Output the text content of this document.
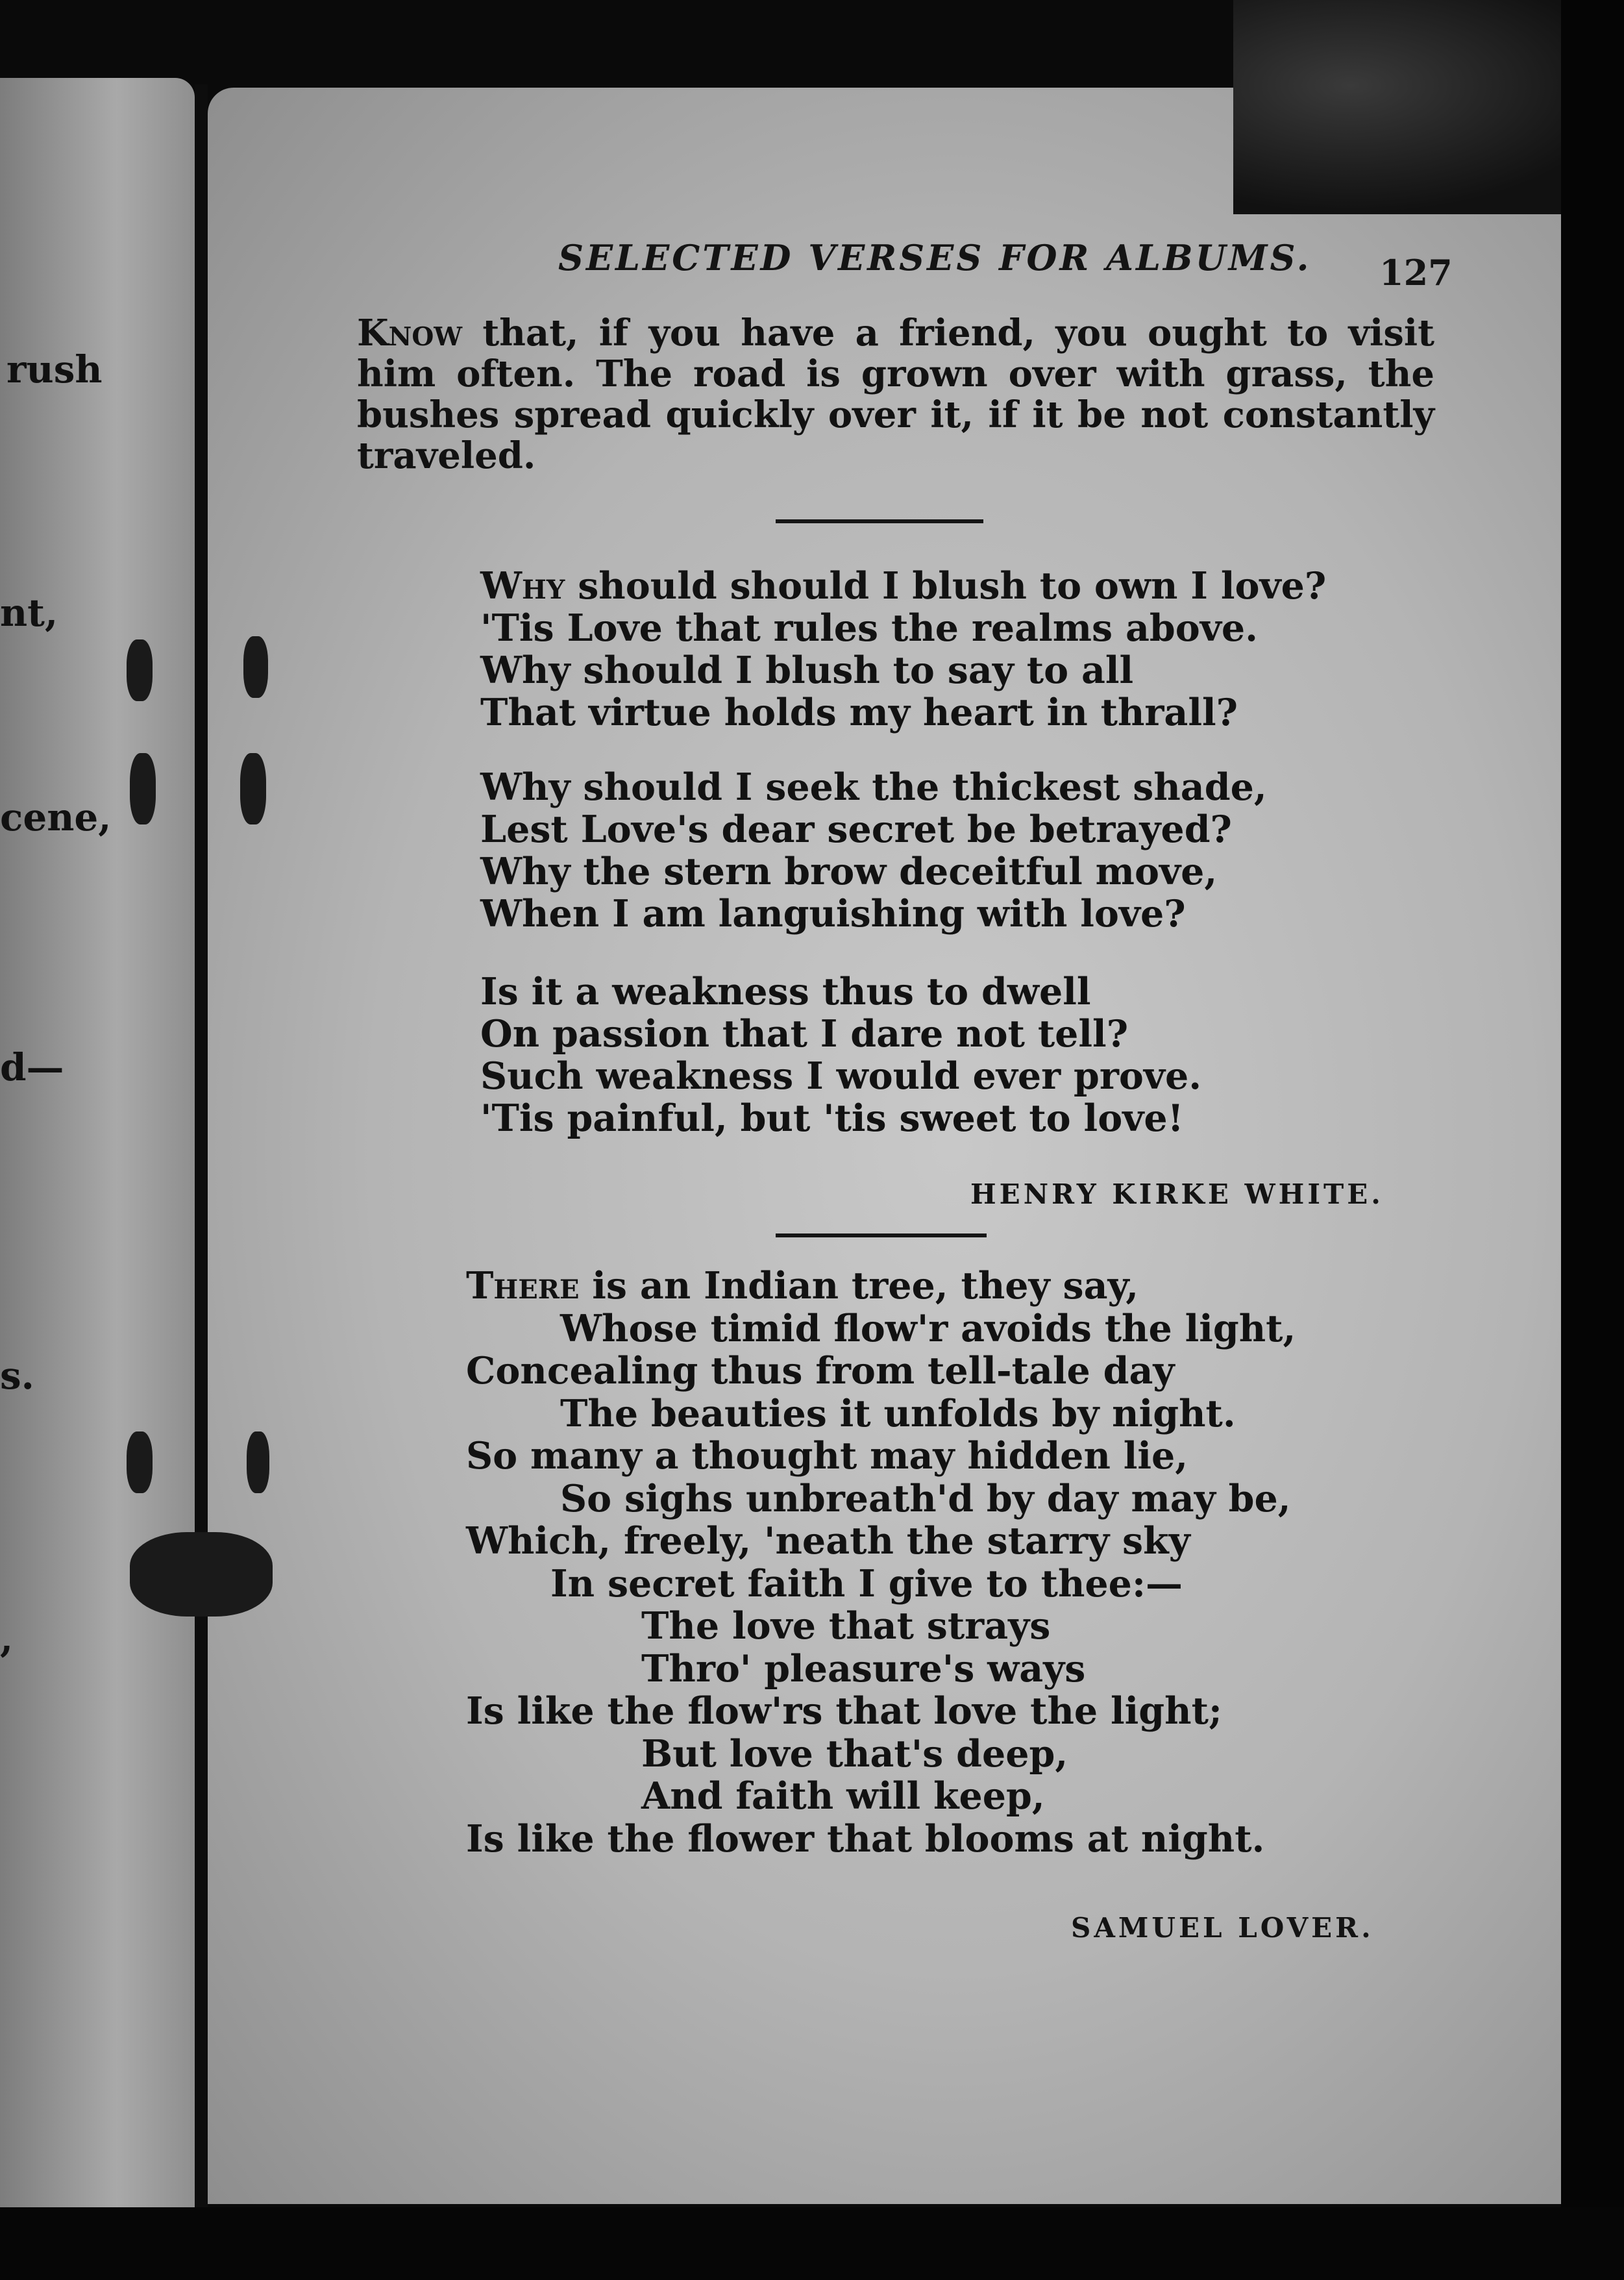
rush
nt,
cene,
d—
s.
,
SELECTED VERSES FOR ALBUMS. 127
Know that, if you have a friend, you ought to visit him often. The road is grown over with grass, the bushes spread quickly over it, if it be not constantly traveled.
Why should should I blush to own I love?
'Tis Love that rules the realms above.
Why should I blush to say to all
That virtue holds my heart in thrall?
Why should I seek the thickest shade,
Lest Love's dear secret be betrayed?
Why the stern brow deceitful move,
When I am languishing with love?
Is it a weakness thus to dwell
On passion that I dare not tell?
Such weakness I would ever prove.
'Tis painful, but 'tis sweet to love!
HENRY KIRKE WHITE.
There is an Indian tree, they say,
Whose timid flow'r avoids the light,
Concealing thus from tell-tale day
The beauties it unfolds by night.
So many a thought may hidden lie,
So sighs unbreath'd by day may be,
Which, freely, 'neath the starry sky
In secret faith I give to thee:—
The love that strays
Thro' pleasure's ways
Is like the flow'rs that love the light;
But love that's deep,
And faith will keep,
Is like the flower that blooms at night.
SAMUEL LOVER.
